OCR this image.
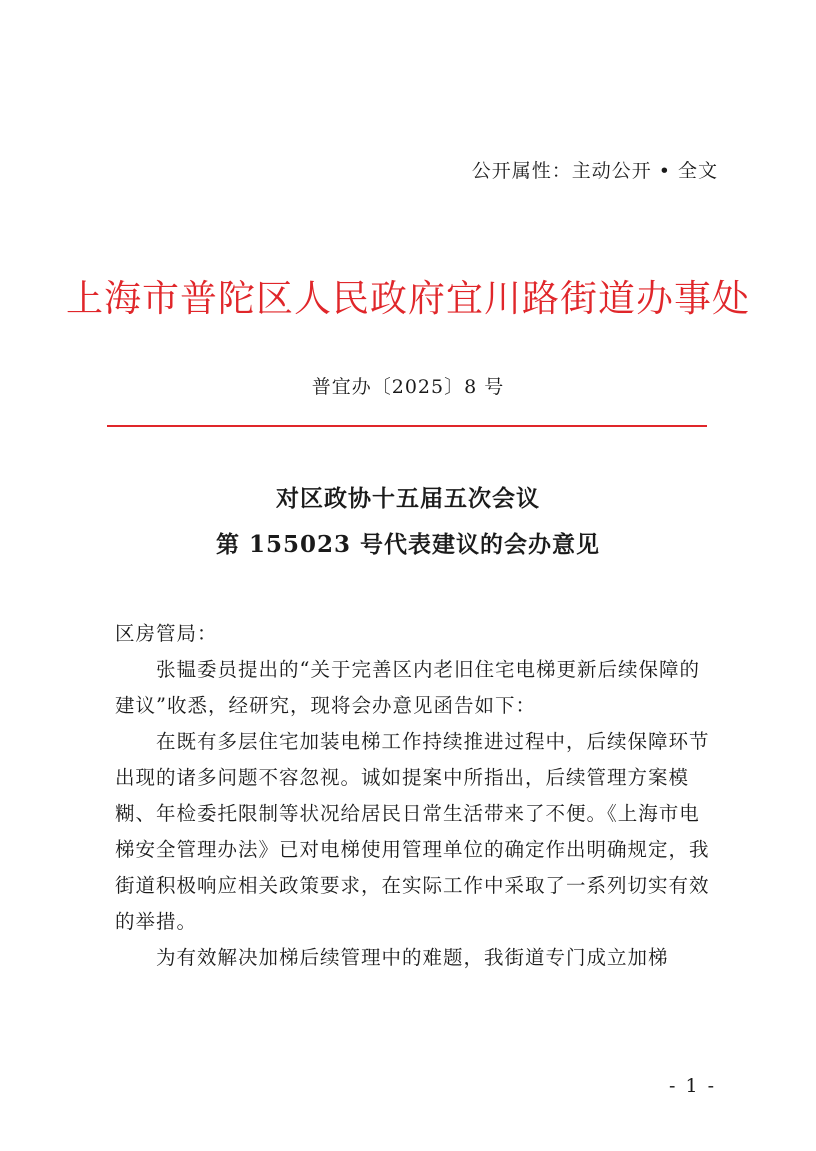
公开属性：主动公开 • 全文
上海市普陀区人民政府宜川路街道办事处
普宜办〔2025〕8 号
对区政协十五届五次会议
第 155023 号代表建议的会办意见

区房管局：

张韫委员提出的“关于完善区内老旧住宅电梯更新后续保障的建议”收悉，经研究，现将会办意见函告如下：

在既有多层住宅加装电梯工作持续推进过程中，后续保障环节出现的诸多问题不容忽视。诚如提案中所指出，后续管理方案模糊、年检委托限制等状况给居民日常生活带来了不便。《上海市电梯安全管理办法》已对电梯使用管理单位的确定作出明确规定，我街道积极响应相关政策要求，在实际工作中采取了一系列切实有效的举措。

为有效解决加梯后续管理中的难题，我街道专门成立加梯

- 1 -
